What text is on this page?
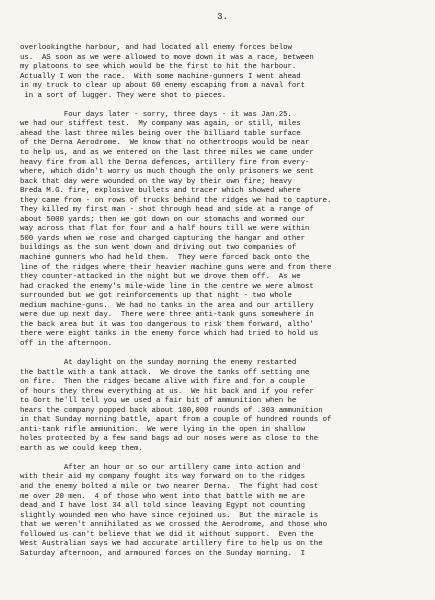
3.
overlookingthe harbour, and had located all enemy forces below
us.  AS soon as we were allowed to move down it was a race, between
my platoons to see which would be the first to hit the harbour.
Actually I won the race.  With some machine-gunners I went ahead
in my truck to clear up about 60 enemy escaping from a naval fort
in a sort of lugger. They were shot to pieces.
Four days later - sorry, three days - it was Jan.25.
we had our stiffest test.  My company was again, or still, miles
ahead the last three miles being over the billiard table surface
of the Derna Aerodrome.  We know that no othertroops would be near
to help us, and as we entered on the last three miles we came under
heavy fire from all the Derna defences, artillery fire from every-
where, which didn't worry us much though the only prisoners we sent
back that day were wounded on the way by their own fire; heavy
Breda M.G. fire, explosive bullets and tracer which showed where
they came from - on rows of trucks behind the ridges we had to capture.
They killed my first man - shot through head and side at a range of
about 5000 yards; then we got down on our stomachs and wormed our
way across that flat for four and a half hours till we were within
500 yards when we rose and charged capturing the hangar and other
buildings as the sun went down and driving out two companies of
machine gunners who had held them.  They were forced back onto the
line of the ridges where their heavier machine guns were and from there
they counter-attacked in the night but we drove them off.  As we
had cracked the enemy's mile-wide line in the centre we were almost
surrounded but we got reinforcements up that night - two whole
medium machine-guns.  We had no tanks in the area and our artillery
were due up next day.  There were three anti-tank guns somewhere in
the back area but it was too dangerous to risk them forward, altho'
there were eight tanks in the enemy force which had tried to hold us
off in the afternoon.
At daylight on the sunday morning the enemy restarted
the battle with a tank attack.  We drove the tanks off setting one
on fire.  Then the ridges became alive with fire and for a couple
of hours they threw everything at us.  We hit back and if you refer
to Gort he'll tell you we used a fair bit of ammunition when he
hears the company popped back about 100,000 rounds of .303 ammunition
in that Sunday morning battle, apart from a couple of hundred rounds of
anti-tank rifle ammunition.  We were lying in the open in shallow
holes protected by a few sand bags ad our noses were as close to the
earth as we could keep them.
After an hour or so our artillery came into action and
with their aid my company fought its way forward on to the ridges
and the enemy bolted a mile or two nearer Derna.  The fight had cost
me over 20 men.  4 of those who went into that battle with me are
dead and I have lost 34 all told since leaving Egypt not counting
slightly wounded men who have since rejoined us.  But the miracle is
that we weren't annihilated as we crossed the Aerodrome, and those who
followed us can't believe that we did it without support.  Even the
West Australian says we had accurate artillery fire to help us on the
Saturday afternoon, and armoured forces on the Sunday morning.  I
